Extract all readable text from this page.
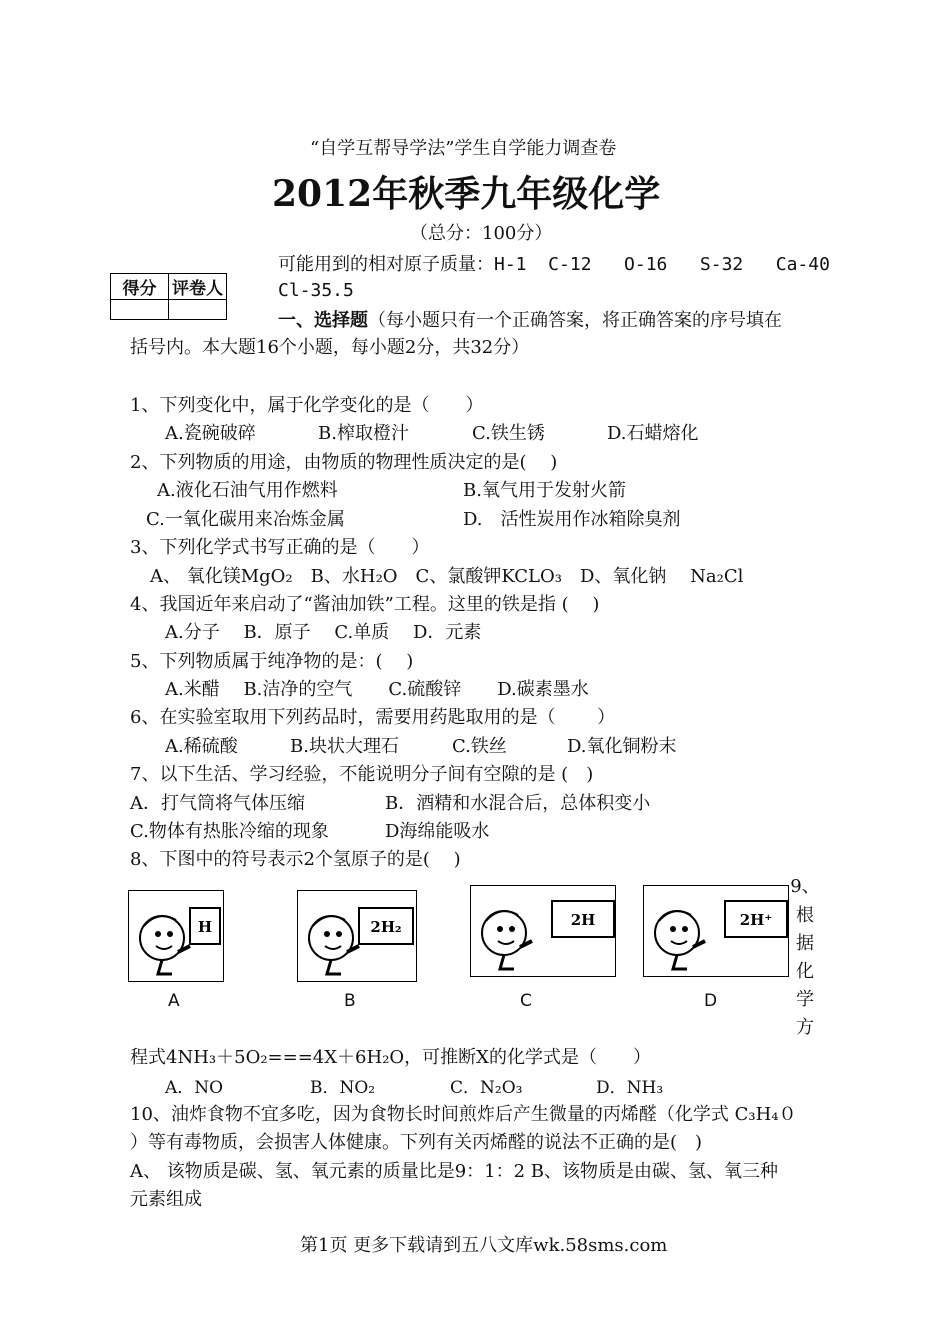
“自学互帮导学法”学生自学能力调查卷
2012年秋季九年级化学
（总分：100分）
可能用到的相对原子质量：H-1  C-12   O-16   S-32   Ca-40
Cl-35.5
得分	评卷人

一、选择题（每小题只有一个正确答案，将正确答案的序号填在
括号内。本大题16个小题，每小题2分，共32分）
1、下列变化中，属于化学变化的是（　　）
A.瓷碗破碎	B.榨取橙汁	C.铁生锈	D.石蜡熔化
2、下列物质的用途，由物质的物理性质决定的是(　 )
A.液化石油气用作燃料	B.氧气用于发射火箭
C.一氧化碳用来冶炼金属	D.　活性炭用作冰箱除臭剂
3、下列化学式书写正确的是（　　）
A、 氧化镁MgO₂　B、水H₂O　C、氯酸钾KCLO₃　D、氧化钠　 Na₂Cl
4、我国近年来启动了“酱油加铁”工程。这里的铁是指 (　 )
A.分子　 B．原子　 C.单质　 D．元素
5、下列物质属于纯净物的是：(　 )
A.米醋　 B.洁净的空气　　C.硫酸锌　　D.碳素墨水
6、在实验室取用下列药品时，需要用药匙取用的是（　　 ）
A.稀硫酸	B.块状大理石	C.铁丝	D.氧化铜粉末
7、以下生活、学习经验，不能说明分子间有空隙的是 (　)
A．打气筒将气体压缩	B．酒精和水混合后，总体积变小
C.物体有热胀冷缩的现象	D海绵能吸水
8、下图中的符号表示2个氢原子的是(　 )
H	2H₂	2H	2H⁺
A	B	C	D
9、
根
据
化
学
方
程式4NH₃＋5O₂===4X＋6H₂O，可推断X的化学式是（　　）
A．NO	B．NO₂	C．N₂O₃	D．NH₃
10、油炸食物不宜多吃，因为食物长时间煎炸后产生微量的丙烯醛（化学式 C₃H₄０
）等有毒物质，会损害人体健康。下列有关丙烯醛的说法不正确的是(　)
A、 该物质是碳、氢、氧元素的质量比是9：1：2 B、该物质是由碳、氢、氧三种
元素组成
第1页 更多下载请到五八文库wk.58sms.com
